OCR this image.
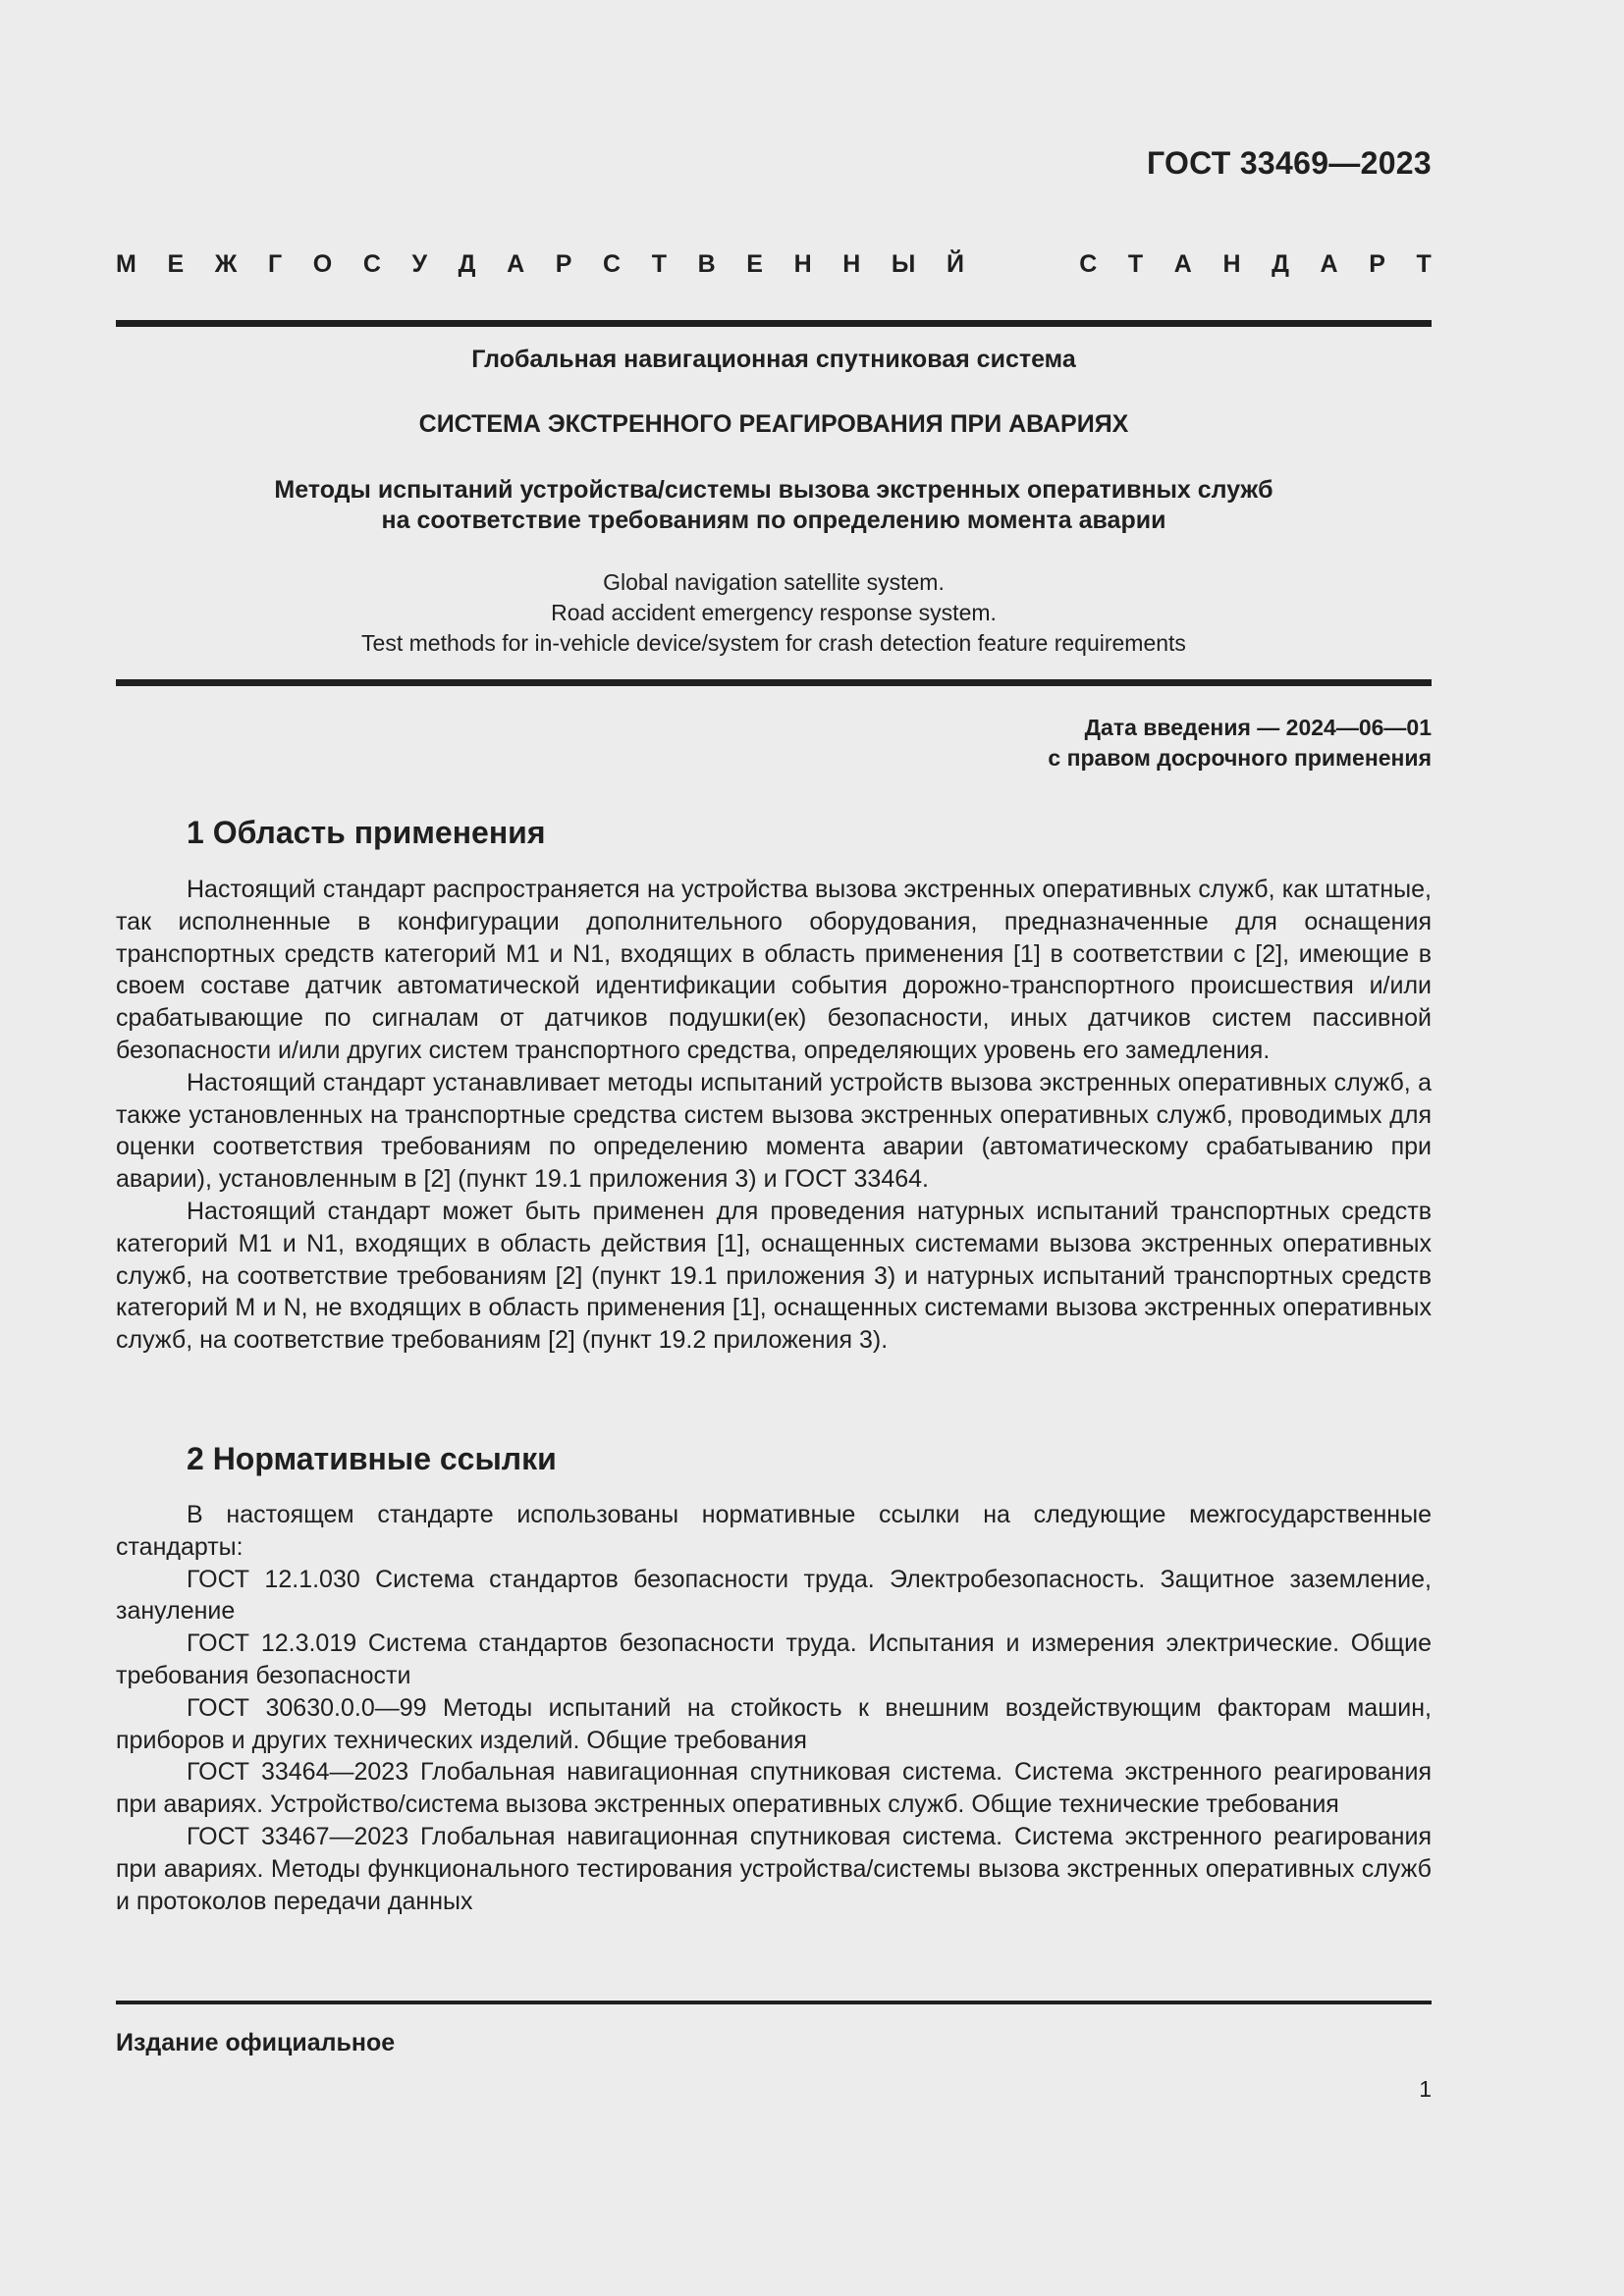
ГОСТ 33469—2023
М Е Ж Г О С У Д А Р С Т В Е Н Н Ы Й	С Т А Н Д А Р Т
Глобальная навигационная спутниковая система
СИСТЕМА ЭКСТРЕННОГО РЕАГИРОВАНИЯ ПРИ АВАРИЯХ
Методы испытаний устройства/системы вызова экстренных оперативных служб
на соответствие требованиям по определению момента аварии
Global navigation satellite system.
Road accident emergency response system.
Test methods for in-vehicle device/system for crash detection feature requirements
Дата введения — 2024—06—01
с правом досрочного применения
1 Область применения

Настоящий стандарт распространяется на устройства вызова экстренных оперативных служб, как штатные, так исполненные в конфигурации дополнительного оборудования, предназначенные для оснащения транспортных средств категорий М1 и N1, входящих в область применения [1] в соответствии с [2], имеющие в своем составе датчик автоматической идентификации события дорожно-транспортного происшествия и/или срабатывающие по сигналам от датчиков подушки(ек) безопасности, иных датчиков систем пассивной безопасности и/или других систем транспортного средства, определяющих уровень его замедления.

Настоящий стандарт устанавливает методы испытаний устройств вызова экстренных оперативных служб, а также установленных на транспортные средства систем вызова экстренных оперативных служб, проводимых для оценки соответствия требованиям по определению момента аварии (автоматическому срабатыванию при аварии), установленным в [2] (пункт 19.1 приложения 3) и ГОСТ 33464.

Настоящий стандарт может быть применен для проведения натурных испытаний транспортных средств категорий М1 и N1, входящих в область действия [1], оснащенных системами вызова экстренных оперативных служб, на соответствие требованиям [2] (пункт 19.1 приложения 3) и натурных испытаний транспортных средств категорий М и N, не входящих в область применения [1], оснащенных системами вызова экстренных оперативных служб, на соответствие требованиям [2] (пункт 19.2 приложения 3).

2 Нормативные ссылки

В настоящем стандарте использованы нормативные ссылки на следующие межгосударственные стандарты:

ГОСТ 12.1.030 Система стандартов безопасности труда. Электробезопасность. Защитное заземление, зануление

ГОСТ 12.3.019 Система стандартов безопасности труда. Испытания и измерения электрические. Общие требования безопасности

ГОСТ 30630.0.0—99 Методы испытаний на стойкость к внешним воздействующим факторам машин, приборов и других технических изделий. Общие требования

ГОСТ 33464—2023 Глобальная навигационная спутниковая система. Система экстренного реагирования при авариях. Устройство/система вызова экстренных оперативных служб. Общие технические требования

ГОСТ 33467—2023 Глобальная навигационная спутниковая система. Система экстренного реагирования при авариях. Методы функционального тестирования устройства/системы вызова экстренных оперативных служб и протоколов передачи данных

Издание официальное
1
